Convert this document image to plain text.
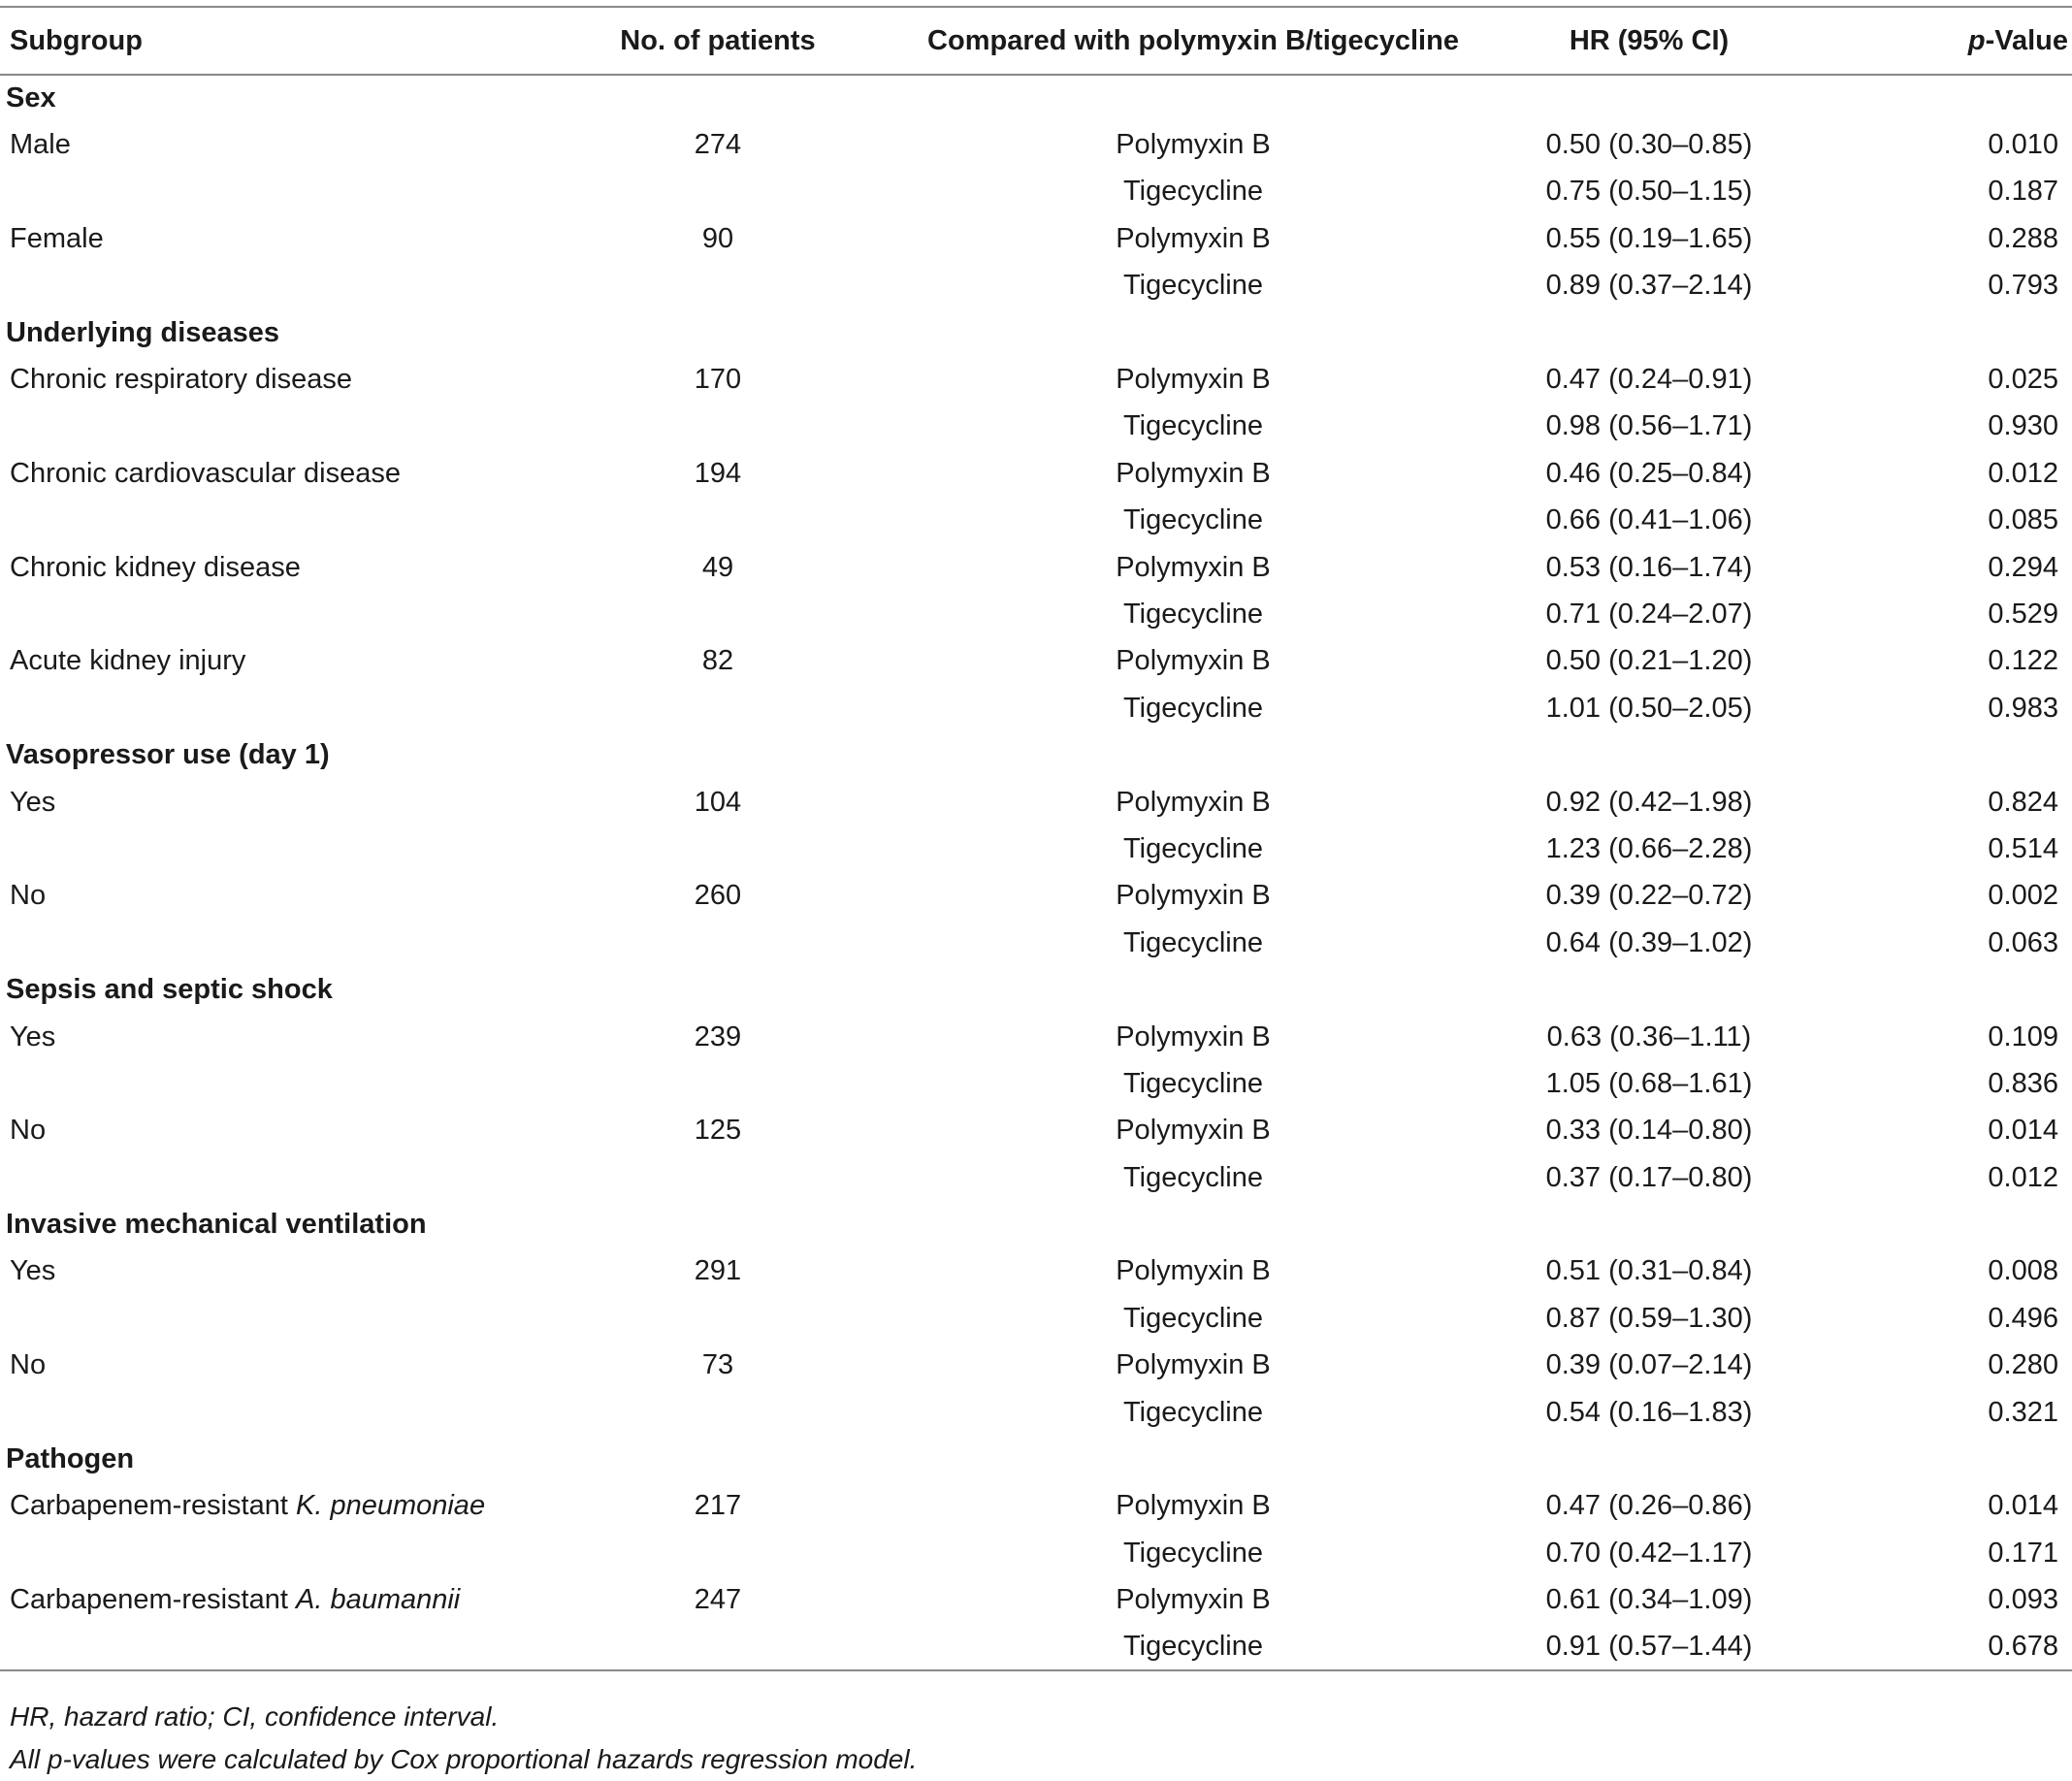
Subgroup	No. of patients	Compared with polymyxin B/tigecycline	HR (95% CI)	p-Value
Sex				
Male	274	Polymyxin B	0.50 (0.30–0.85)	0.010
		Tigecycline	0.75 (0.50–1.15)	0.187
Female	90	Polymyxin B	0.55 (0.19–1.65)	0.288
		Tigecycline	0.89 (0.37–2.14)	0.793
Underlying diseases				
Chronic respiratory disease	170	Polymyxin B	0.47 (0.24–0.91)	0.025
		Tigecycline	0.98 (0.56–1.71)	0.930
Chronic cardiovascular disease	194	Polymyxin B	0.46 (0.25–0.84)	0.012
		Tigecycline	0.66 (0.41–1.06)	0.085
Chronic kidney disease	49	Polymyxin B	0.53 (0.16–1.74)	0.294
		Tigecycline	0.71 (0.24–2.07)	0.529
Acute kidney injury	82	Polymyxin B	0.50 (0.21–1.20)	0.122
		Tigecycline	1.01 (0.50–2.05)	0.983
Vasopressor use (day 1)				
Yes	104	Polymyxin B	0.92 (0.42–1.98)	0.824
		Tigecycline	1.23 (0.66–2.28)	0.514
No	260	Polymyxin B	0.39 (0.22–0.72)	0.002
		Tigecycline	0.64 (0.39–1.02)	0.063
Sepsis and septic shock				
Yes	239	Polymyxin B	0.63 (0.36–1.11)	0.109
		Tigecycline	1.05 (0.68–1.61)	0.836
No	125	Polymyxin B	0.33 (0.14–0.80)	0.014
		Tigecycline	0.37 (0.17–0.80)	0.012
Invasive mechanical ventilation				
Yes	291	Polymyxin B	0.51 (0.31–0.84)	0.008
		Tigecycline	0.87 (0.59–1.30)	0.496
No	73	Polymyxin B	0.39 (0.07–2.14)	0.280
		Tigecycline	0.54 (0.16–1.83)	0.321
Pathogen				
Carbapenem-resistant K. pneumoniae	217	Polymyxin B	0.47 (0.26–0.86)	0.014
		Tigecycline	0.70 (0.42–1.17)	0.171
Carbapenem-resistant A. baumannii	247	Polymyxin B	0.61 (0.34–1.09)	0.093
		Tigecycline	0.91 (0.57–1.44)	0.678
HR, hazard ratio; CI, confidence interval.
All p-values were calculated by Cox proportional hazards regression model.
